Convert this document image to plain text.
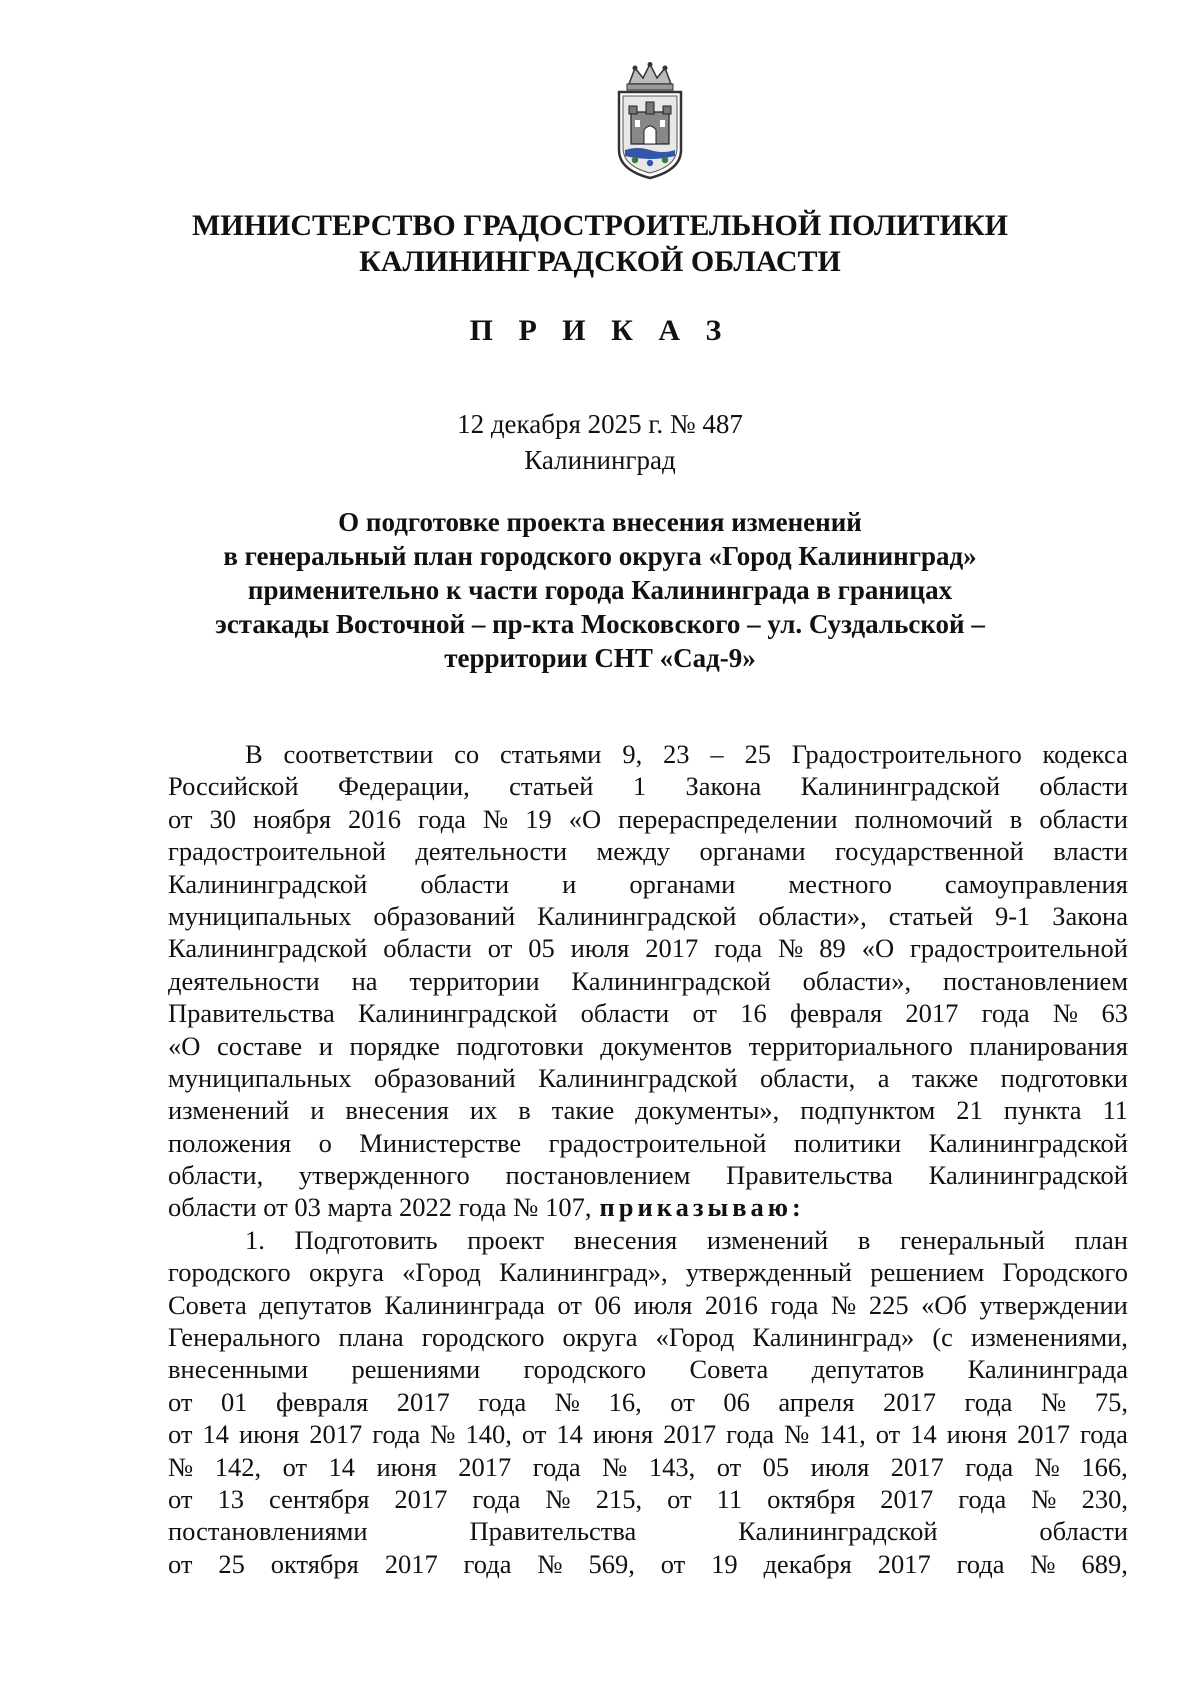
МИНИСТЕРСТВО ГРАДОСТРОИТЕЛЬНОЙ ПОЛИТИКИ
КАЛИНИНГРАДСКОЙ ОБЛАСТИ
П Р И К А З
12 декабря 2025 г. № 487
Калининград
О подготовке проекта внесения изменений
в генеральный план городского округа «Город Калининград»
применительно к части города Калининграда в границах
эстакады Восточной – пр-кта Московского – ул. Суздальской –
территории СНТ «Сад-9»
В соответствии со статьями 9, 23 – 25 Градостроительного кодекса
Российской Федерации, статьей 1 Закона Калининградской области
от 30 ноября 2016 года № 19 «О перераспределении полномочий в области
градостроительной деятельности между органами государственной власти
Калининградской области и органами местного самоуправления
муниципальных образований Калининградской области», статьей 9-1 Закона
Калининградской области от 05 июля 2017 года № 89 «О градостроительной
деятельности на территории Калининградской области», постановлением
Правительства Калининградской области от 16 февраля 2017 года № 63
«О составе и порядке подготовки документов территориального планирования
муниципальных образований Калининградской области, а также подготовки
изменений и внесения их в такие документы», подпунктом 21 пункта 11
положения о Министерстве градостроительной политики Калининградской
области, утвержденного постановлением Правительства Калининградской
области от 03 марта 2022 года № 107, приказываю:
1. Подготовить проект внесения изменений в генеральный план
городского округа «Город Калининград», утвержденный решением Городского
Совета депутатов Калининграда от 06 июля 2016 года № 225 «Об утверждении
Генерального плана городского округа «Город Калининград» (с изменениями,
внесенными решениями городского Совета депутатов Калининграда
от 01 февраля 2017 года № 16, от 06 апреля 2017 года № 75,
от 14 июня 2017 года № 140, от 14 июня 2017 года № 141, от 14 июня 2017 года
№ 142, от 14 июня 2017 года № 143, от 05 июля 2017 года № 166,
от 13 сентября 2017 года № 215, от 11 октября 2017 года № 230,
постановлениями	Правительства	Калининградской	области
от 25 октября 2017 года № 569, от 19 декабря 2017 года № 689,
